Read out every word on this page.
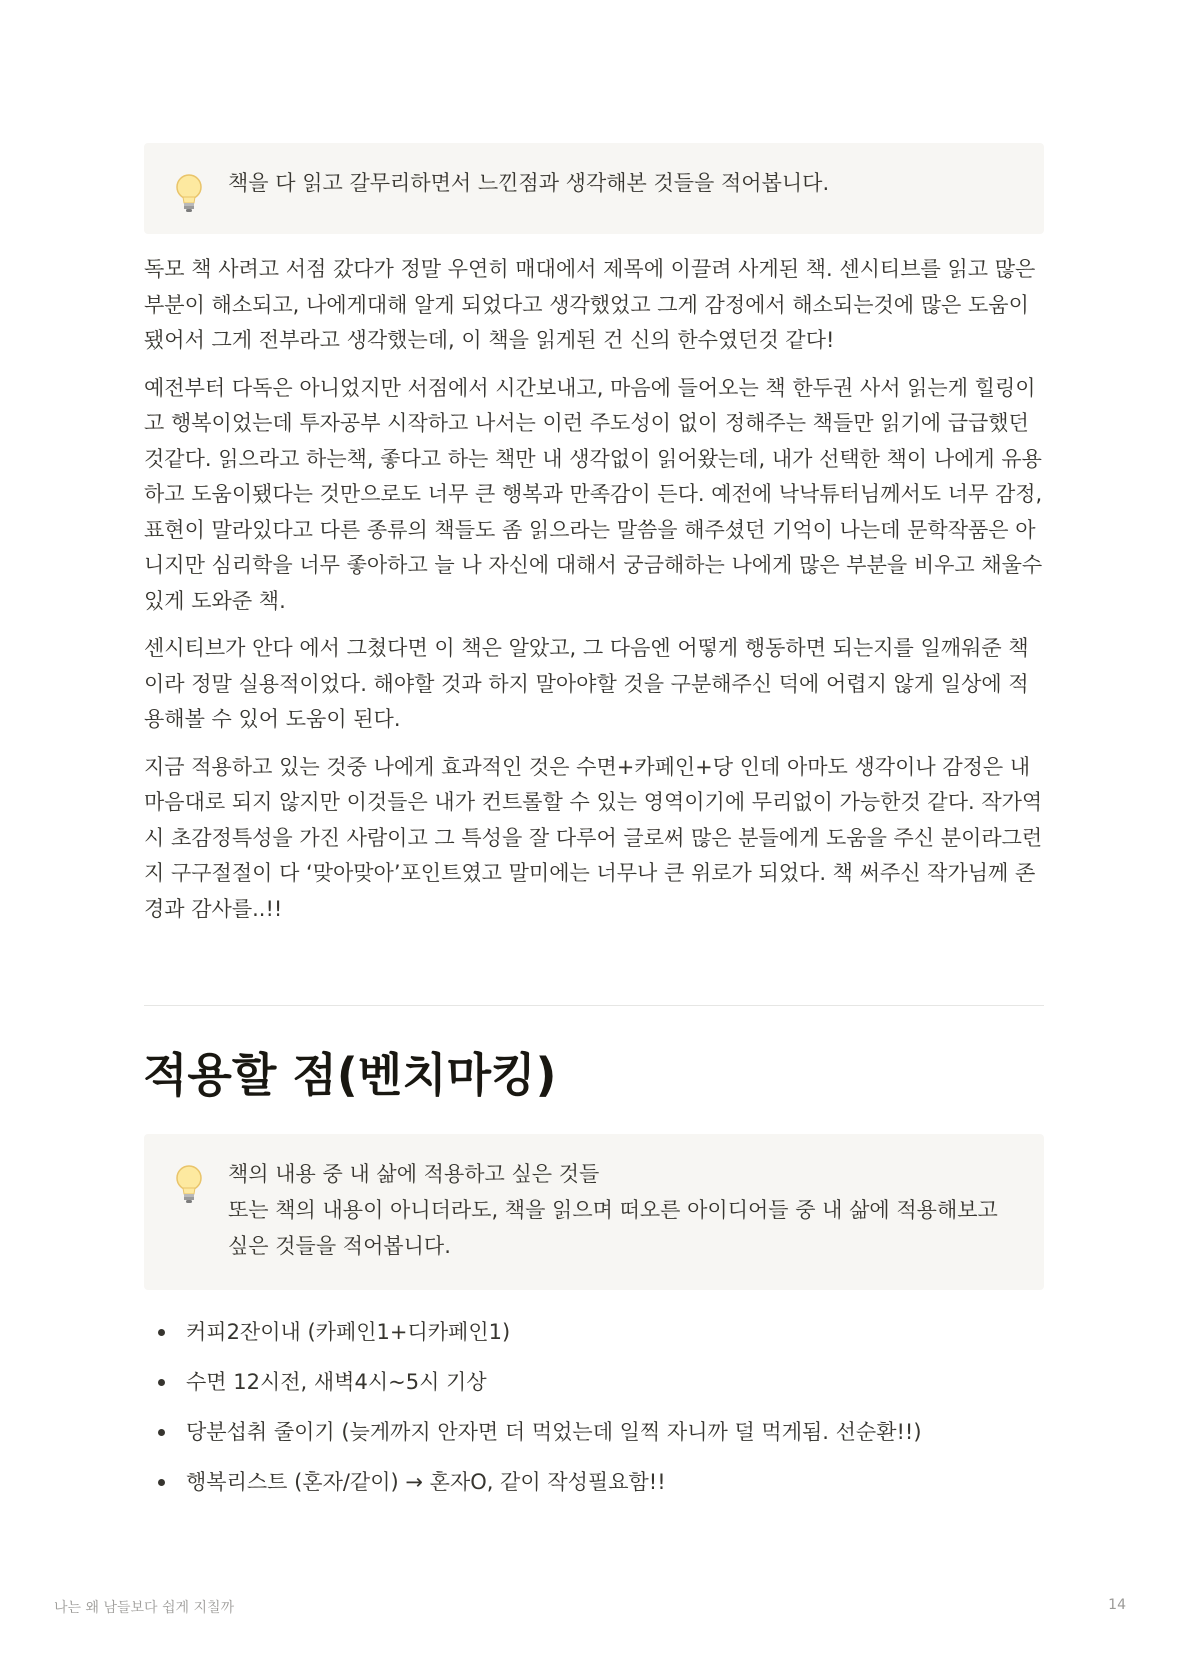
책을 다 읽고 갈무리하면서 느낀점과 생각해본 것들을 적어봅니다.

독모 책 사려고 서점 갔다가 정말 우연히 매대에서 제목에 이끌려 사게된 책. 센시티브를 읽고 많은부분이 해소되고, 나에게대해 알게 되었다고 생각했었고 그게 감정에서 해소되는것에 많은 도움이 됐어서 그게 전부라고 생각했는데, 이 책을 읽게된 건 신의 한수였던것 같다!

예전부터 다독은 아니었지만 서점에서 시간보내고, 마음에 들어오는 책 한두권 사서 읽는게 힐링이고 행복이었는데 투자공부 시작하고 나서는 이런 주도성이 없이 정해주는 책들만 읽기에 급급했던것같다. 읽으라고 하는책, 좋다고 하는 책만 내 생각없이 읽어왔는데, 내가 선택한 책이 나에게 유용하고 도움이됐다는 것만으로도 너무 큰 행복과 만족감이 든다. 예전에 낙낙튜터님께서도 너무 감정, 표현이 말라있다고 다른 종류의 책들도 좀 읽으라는 말씀을 해주셨던 기억이 나는데 문학작품은 아니지만 심리학을 너무 좋아하고 늘 나 자신에 대해서 궁금해하는 나에게 많은 부분을 비우고 채울수있게 도와준 책.

센시티브가 안다 에서 그쳤다면 이 책은 알았고, 그 다음엔 어떻게 행동하면 되는지를 일깨워준 책이라 정말 실용적이었다. 해야할 것과 하지 말아야할 것을 구분해주신 덕에 어렵지 않게 일상에 적용해볼 수 있어 도움이 된다.

지금 적용하고 있는 것중 나에게 효과적인 것은 수면+카페인+당 인데 아마도 생각이나 감정은 내마음대로 되지 않지만 이것들은 내가 컨트롤할 수 있는 영역이기에 무리없이 가능한것 같다. 작가역시 초감정특성을 가진 사람이고 그 특성을 잘 다루어 글로써 많은 분들에게 도움을 주신 분이라그런지 구구절절이 다 ‘맞아맞아’포인트였고 말미에는 너무나 큰 위로가 되었다. 책 써주신 작가님께 존경과 감사를..!!

적용할 점(벤치마킹)

책의 내용 중 내 삶에 적용하고 싶은 것들

또는 책의 내용이 아니더라도, 책을 읽으며 떠오른 아이디어들 중 내 삶에 적용해보고 싶은 것들을 적어봅니다.

커피2잔이내 (카페인1+디카페인1)
수면 12시전, 새벽4시~5시 기상
당분섭취 줄이기 (늦게까지 안자면 더 먹었는데 일찍 자니까 덜 먹게됨. 선순환!!)
행복리스트 (혼자/같이) → 혼자O, 같이 작성필요함!!
나는 왜 남들보다 쉽게 지칠까	14
